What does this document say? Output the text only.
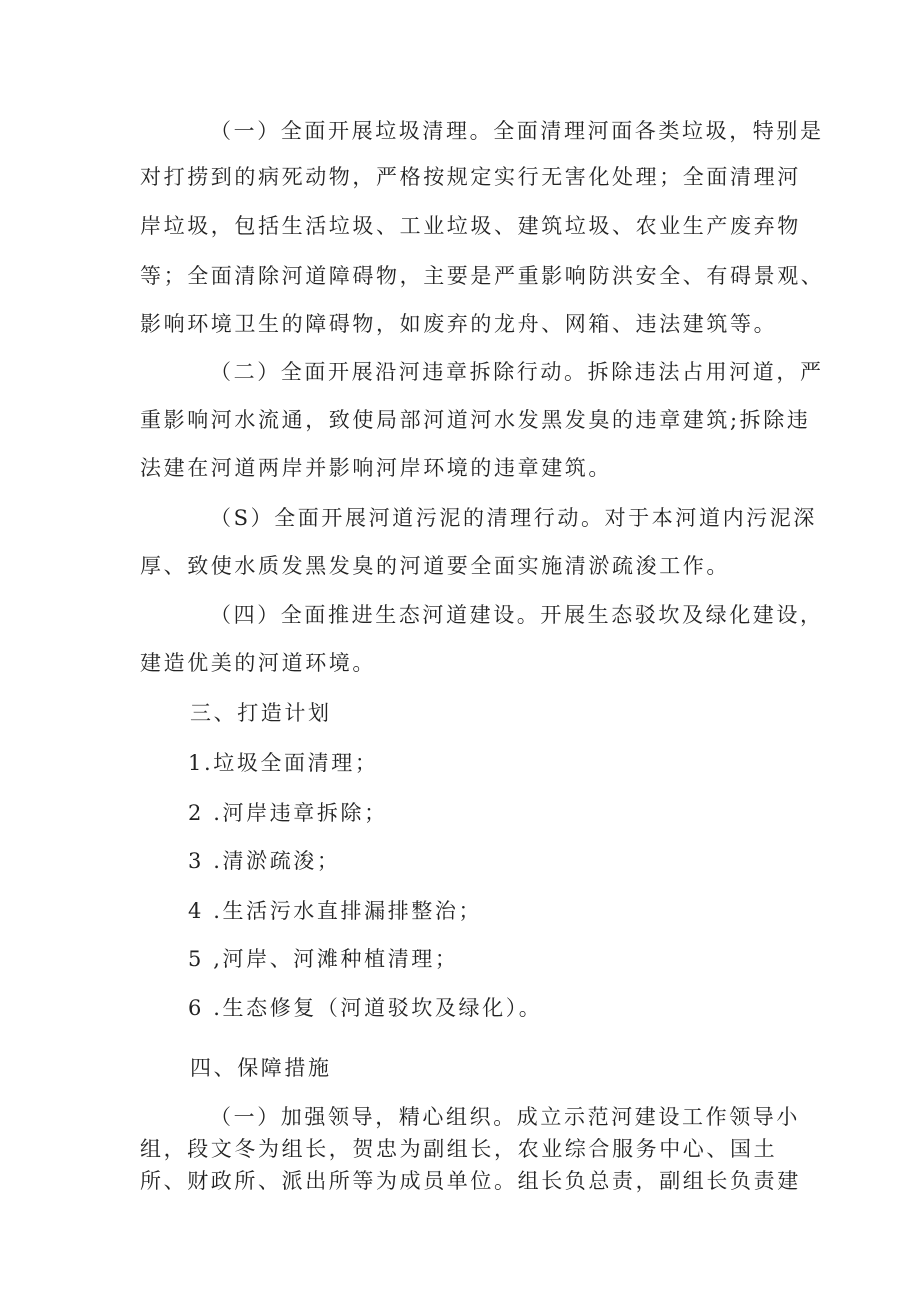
（一）全面开展垃圾清理。全面清理河面各类垃圾，特别是
对打捞到的病死动物，严格按规定实行无害化处理；全面清理河
岸垃圾，包括生活垃圾、工业垃圾、建筑垃圾、农业生产废弃物
等；全面清除河道障碍物，主要是严重影响防洪安全、有碍景观、
影响环境卫生的障碍物，如废弃的龙舟、网箱、违法建筑等。
（二）全面开展沿河违章拆除行动。拆除违法占用河道，严
重影响河水流通，致使局部河道河水发黑发臭的违章建筑;拆除违
法建在河道两岸并影响河岸环境的违章建筑。
（S）全面开展河道污泥的清理行动。对于本河道内污泥深
厚、致使水质发黑发臭的河道要全面实施清淤疏浚工作。
（四）全面推进生态河道建设。开展生态驳坎及绿化建设，
建造优美的河道环境。
三、打造计划
1.垃圾全面清理；
2 .河岸违章拆除；
3 .清淤疏浚；
4 .生活污水直排漏排整治；
5 ,河岸、河滩种植清理；
6 .生态修复（河道驳坎及绿化）。
四、保障措施
（一）加强领导，精心组织。成立示范河建设工作领导小
组，段文冬为组长，贺忠为副组长，农业综合服务中心、国土
所、财政所、派出所等为成员单位。组长负总责，副组长负责建
